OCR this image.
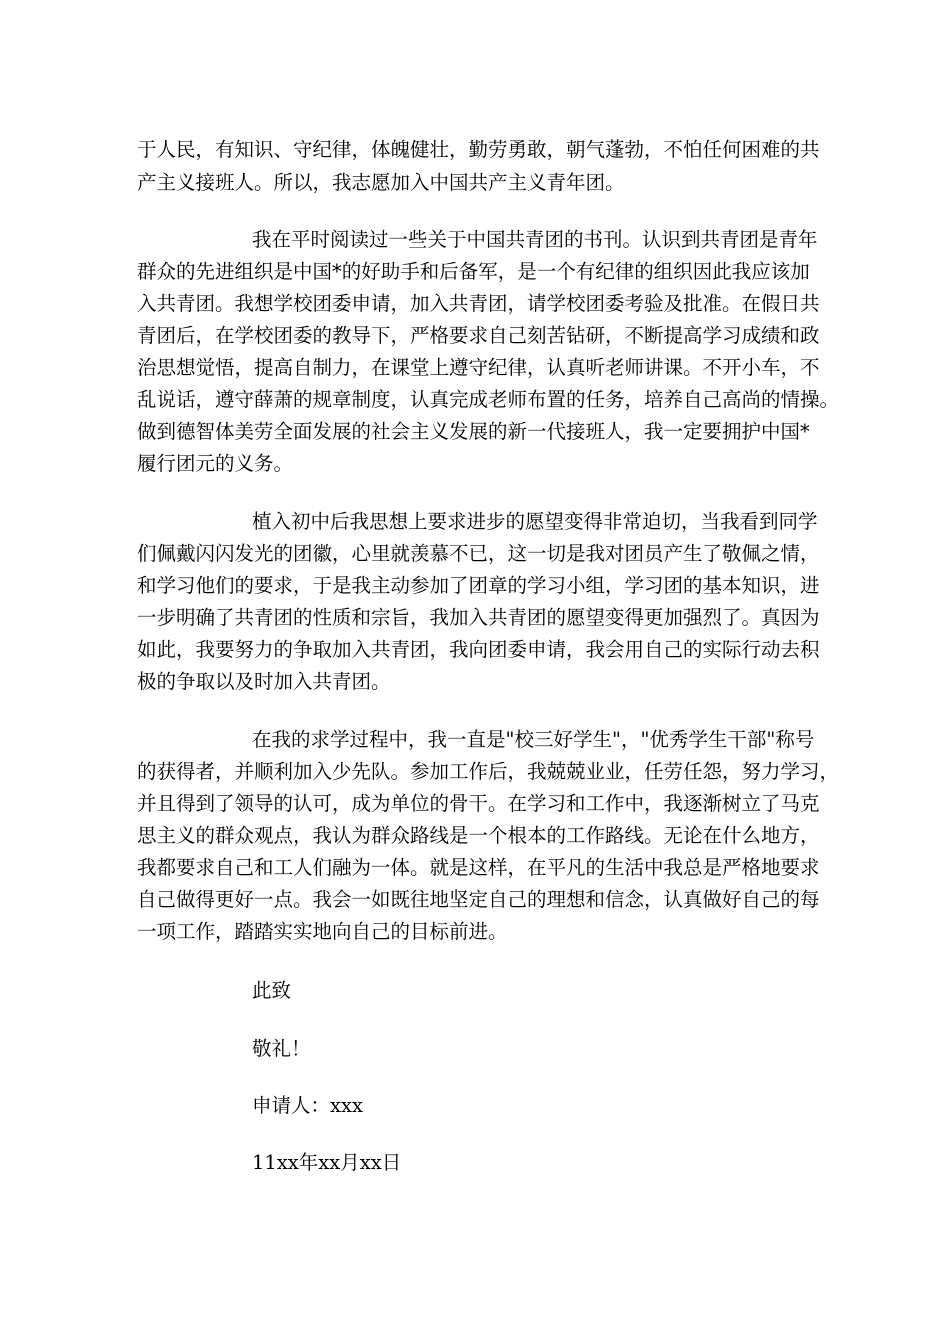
于人民，有知识、守纪律，体魄健壮，勤劳勇敢，朝气蓬勃，不怕任何困难的共
产主义接班人。所以，我志愿加入中国共产主义青年团。
我在平时阅读过一些关于中国共青团的书刊。认识到共青团是青年
群众的先进组织是中国*的好助手和后备军，是一个有纪律的组织因此我应该加
入共青团。我想学校团委申请，加入共青团，请学校团委考验及批准。在假日共
青团后，在学校团委的教导下，严格要求自己刻苦钻研，不断提高学习成绩和政
治思想觉悟，提高自制力，在课堂上遵守纪律，认真听老师讲课。不开小车，不
乱说话，遵守薛萧的规章制度，认真完成老师布置的任务，培养自己高尚的情操。
做到德智体美劳全面发展的社会主义发展的新一代接班人，我一定要拥护中国*
履行团元的义务。
植入初中后我思想上要求进步的愿望变得非常迫切，当我看到同学
们佩戴闪闪发光的团徽，心里就羡慕不已，这一切是我对团员产生了敬佩之情，
和学习他们的要求，于是我主动参加了团章的学习小组，学习团的基本知识，进
一步明确了共青团的性质和宗旨，我加入共青团的愿望变得更加强烈了。真因为
如此，我要努力的争取加入共青团，我向团委申请，我会用自己的实际行动去积
极的争取以及时加入共青团。
在我的求学过程中，我一直是"校三好学生"，"优秀学生干部"称号
的获得者，并顺利加入少先队。参加工作后，我兢兢业业，任劳任怨，努力学习，
并且得到了领导的认可，成为单位的骨干。在学习和工作中，我逐渐树立了马克
思主义的群众观点，我认为群众路线是一个根本的工作路线。无论在什么地方，
我都要求自己和工人们融为一体。就是这样，在平凡的生活中我总是严格地要求
自己做得更好一点。我会一如既往地坚定自己的理想和信念，认真做好自己的每
一项工作，踏踏实实地向自己的目标前进。
此致
敬礼！
申请人：xxx
11xx年xx月xx日
